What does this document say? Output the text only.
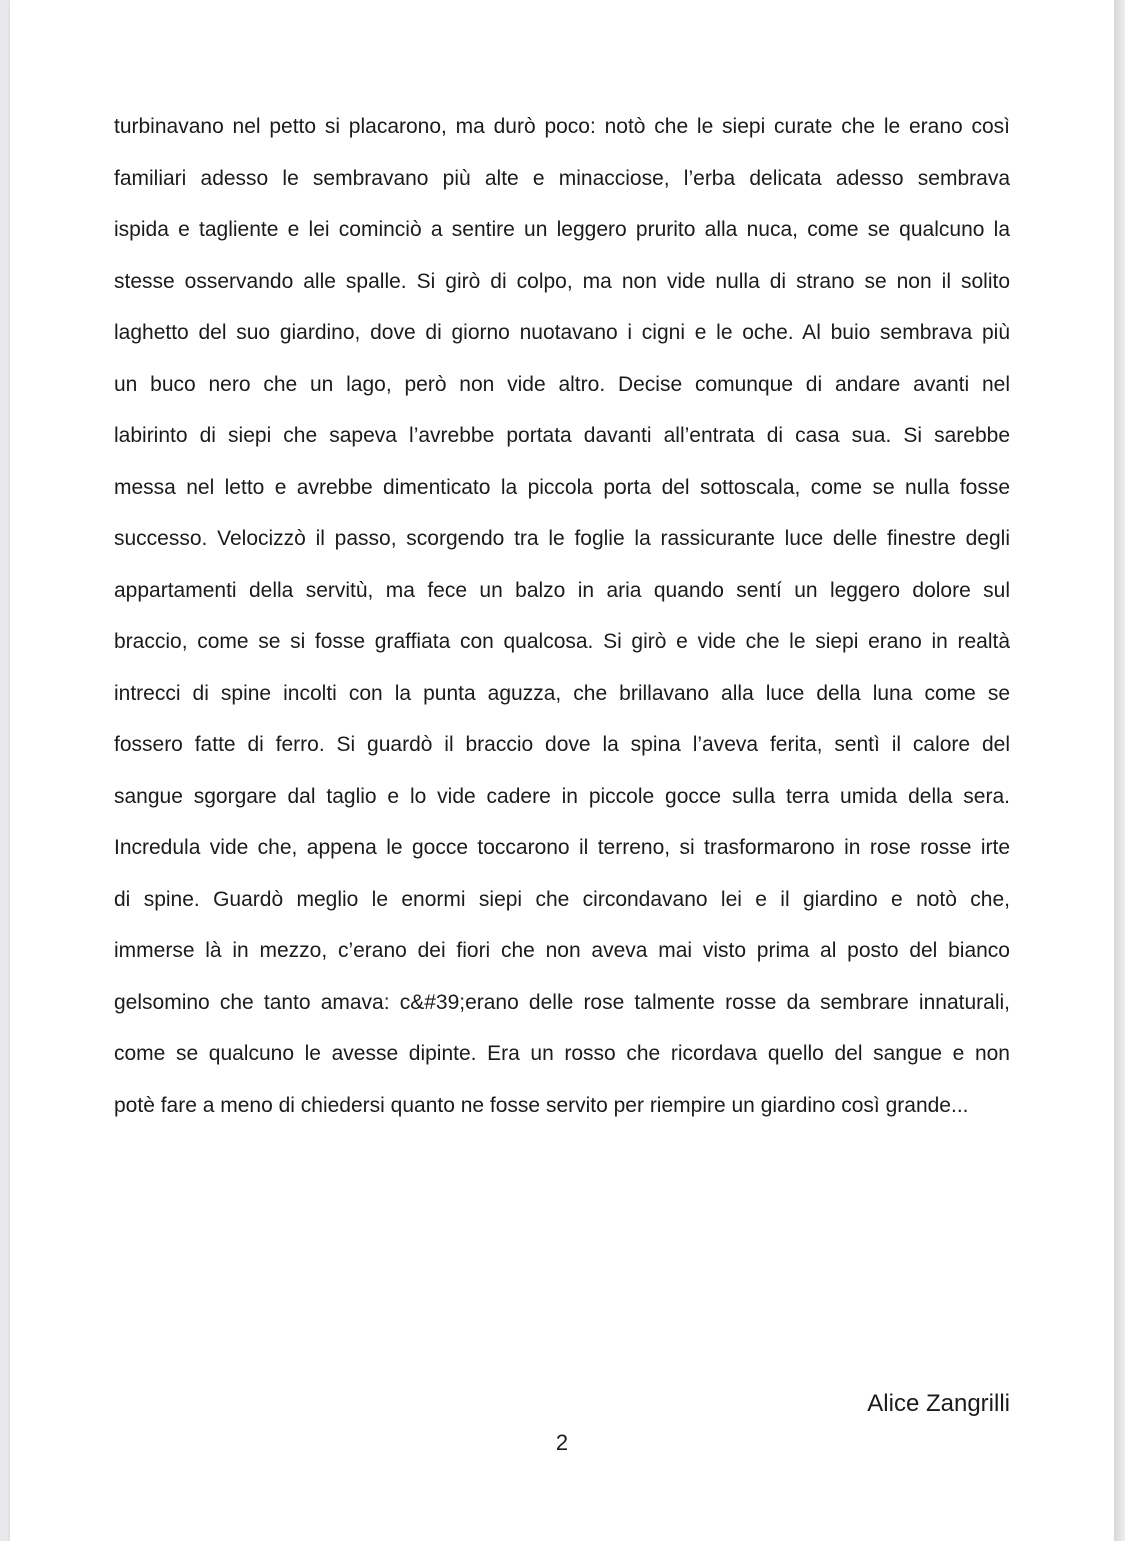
turbinavano nel petto si placarono, ma durò poco: notò che le siepi curate che le erano così
familiari adesso le sembravano più alte e minacciose, l’erba delicata adesso sembrava
ispida e tagliente e lei cominciò a sentire un leggero prurito alla nuca, come se qualcuno la
stesse osservando alle spalle. Si girò di colpo, ma non vide nulla di strano se non il solito
laghetto del suo giardino, dove di giorno nuotavano i cigni e le oche. Al buio sembrava più
un buco nero che un lago, però non vide altro. Decise comunque di andare avanti nel
labirinto di siepi che sapeva l’avrebbe portata davanti all’entrata di casa sua. Si sarebbe
messa nel letto e avrebbe dimenticato la piccola porta del sottoscala, come se nulla fosse
successo. Velocizzò il passo, scorgendo tra le foglie la rassicurante luce delle finestre degli
appartamenti della servitù, ma fece un balzo in aria quando sentí un leggero dolore sul
braccio, come se si fosse graffiata con qualcosa. Si girò e vide che le siepi erano in realtà
intrecci di spine incolti con la punta aguzza, che brillavano alla luce della luna come se
fossero fatte di ferro. Si guardò il braccio dove la spina l’aveva ferita, sentì il calore del
sangue sgorgare dal taglio e lo vide cadere in piccole gocce sulla terra umida della sera.
Incredula vide che, appena le gocce toccarono il terreno, si trasformarono in rose rosse irte
di spine. Guardò meglio le enormi siepi che circondavano lei e il giardino e notò che,
immerse là in mezzo, c’erano dei fiori che non aveva mai visto prima al posto del bianco
gelsomino che tanto amava: c&#39;erano delle rose talmente rosse da sembrare innaturali,
come se qualcuno le avesse dipinte. Era un rosso che ricordava quello del sangue e non
potè fare a meno di chiedersi quanto ne fosse servito per riempire un giardino così grande...
Alice Zangrilli
2
